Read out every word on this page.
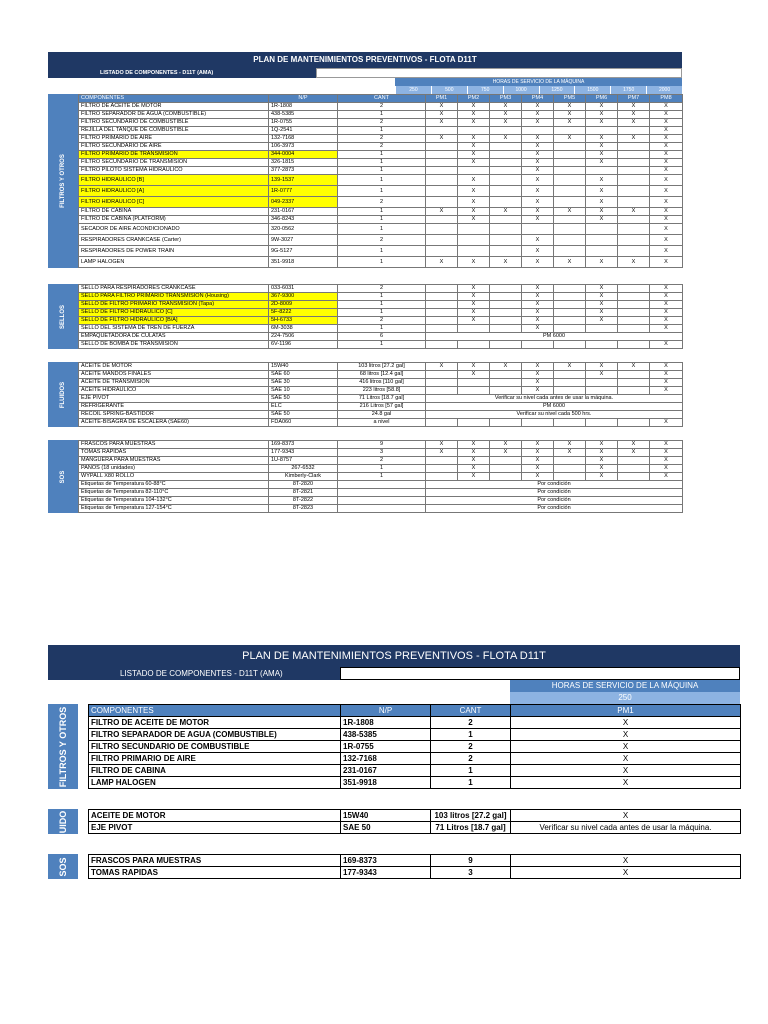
PLAN DE MANTENIMIENTOS PREVENTIVOS - FLOTA D11T
LISTADO DE COMPONENTES - D11T (AMA)
HORAS DE SERVICIO DE LA MÁQUINA
250	500	750	1000	1250	1500	1750	2000
FILTROS Y OTROS
COMPONENTES	N/P	CANT	PM1	PM2	PM3	PM4	PM5	PM6	PM7	PM8
FILTRO DE ACEITE DE MOTOR	1R-1808	2	X	X	X	X	X	X	X	X
FILTRO SEPARADOR DE AGUA (COMBUSTIBLE)	438-5385	1	X	X	X	X	X	X	X	X
FILTRO SECUNDARIO DE COMBUSTIBLE	1R-0755	2	X	X	X	X	X	X	X	X
REJILLA DEL TANQUE DE COMBUSTIBLE	1Q-2541	1								X
FILTRO PRIMARIO DE AIRE	132-7168	2	X	X	X	X	X	X	X	X
FILTRO SECUNDARIO DE AIRE	106-3973	2		X		X		X		X
FILTRO PRIMARIO DE TRANSMISION	344-0004	1		X		X		X		X
FILTRO SECUNDARIO DE TRANSMISION	326-1815	1		X		X		X		X
FILTRO PILOTO SISTEMA HIDRAULICO	377-2873	1				X				X
FILTRO HIDRAULICO [B]	139-1537	1		X		X		X		X
FILTRO HIDRAULICO [A]	1R-0777	1		X		X		X		X
FILTRO HIDRAULICO [C]	049-2337	2		X		X		X		X
FILTRO DE CABINA	231-0167	1	X	X	X	X	X	X	X	X
FILTRO DE CABINA (PLATFORM)	346-8243	1		X		X		X		X
SECADOR DE AIRE ACONDICIONADO	320-0562	1								X
RESPIRADORES CRANKCASE (Carter)	9W-3027	2				X				X
RESPIRADORES DE POWER TRAIN	9G-5127	1				X				X
LAMP HALOGEN	351-9918	1	X	X	X	X	X	X	X	X
SELLOS
SELLO PARA RESPIRADORES CRANKCASE	033-6031	2		X		X		X		X
SELLO PARA FILTRO PRIMARIO TRANSMISION (Housing)	367-9300	1		X		X		X		X
SELLO DE FILTRO PRIMARIO TRANSMISION (Tapa)	2D-8009	1		X		X		X		X
SELLO DE FILTRO HIDRAULICO [C]	5F-8222	1		X		X		X		X
SELLO DE FILTRO HIDRAULICO [B/A]	5H-6733	2		X		X		X		X
SELLO DEL SISTEMA DE TREN DE FUERZA	6M-3038	1				X				X
EMPAQUETADORA DE CULATAS	224-7506	6	PM 6000							
SELLO DE BOMBA DE TRANSMISION	6V-1196	1								X
FLUIDOS
ACEITE DE MOTOR	15W40	103 litros [27.2 gal]	X	X	X	X	X	X	X	X
ACEITE MANDOS FINALES	SAE 60	68 litros [12.4 gal]		X		X		X		X
ACEITE DE TRANSMISION	SAE 30	416 litros [110 gal]				X				X
ACEITE HIDRAULICO	SAE 10	223 litros [58.8]				X				X
EJE PIVOT	SAE 50	71 Litros [18.7 gal]	Verificar su nivel cada antes de usar la máquina.							
REFRIGERANTE	ELC	216 Litros [57 gal]	PM 6000							
RECOIL SPRING-BASTIDOR	SAE 50	24.8 gal	Verificar su nivel cada 500 hrs.							
ACEITE-BISAGRA DE ESCALERA (SAE60)	FDA060	a nivel								X
SOS
FRASCOS PARA MUESTRAS	169-8373	9	X	X	X	X	X	X	X	X
TOMAS RAPIDAS	177-9343	3	X	X	X	X	X	X	X	X
MANGUERA PARA MUESTRAS	1U-8757	2		X		X		X		X
PAÑOS (18 unidades)	267-6532	1		X		X		X		X
WYPALL X80 ROLLO	Kimberly-Clark	1		X		X		X		X
Etiquetas de Temperatura 60-88°C	8T-2820		Por condición							
Etiquetas de Temperatura 82-110°C	8T-2821		Por condición							
Etiquetas de Temperatura 104-132°C	8T-2822		Por condición							
Etiquetas de Temperatura 127-154°C	8T-2823		Por condición							
PLAN DE MANTENIMIENTOS PREVENTIVOS - FLOTA D11T
LISTADO DE COMPONENTES - D11T (AMA)
HORAS DE SERVICIO DE LA MÁQUINA
250
FILTROS Y OTROS	COMPONENTES	N/P	CANT	PM1
FILTRO DE ACEITE DE MOTOR	1R-1808	2	X
FILTRO SEPARADOR DE AGUA (COMBUSTIBLE)	438-5385	1	X
FILTRO SECUNDARIO DE COMBUSTIBLE	1R-0755	2	X
FILTRO PRIMARIO DE AIRE	132-7168	2	X
FILTRO DE CABINA	231-0167	1	X
LAMP HALOGEN	351-9918	1	X
UIDO	ACEITE DE MOTOR	15W40	103 litros [27.2 gal]	X
EJE PIVOT	SAE 50	71 Litros [18.7 gal]	Verificar su nivel cada antes de usar la máquina.
SOS	FRASCOS PARA MUESTRAS	169-8373	9	X
TOMAS RAPIDAS	177-9343	3	X
